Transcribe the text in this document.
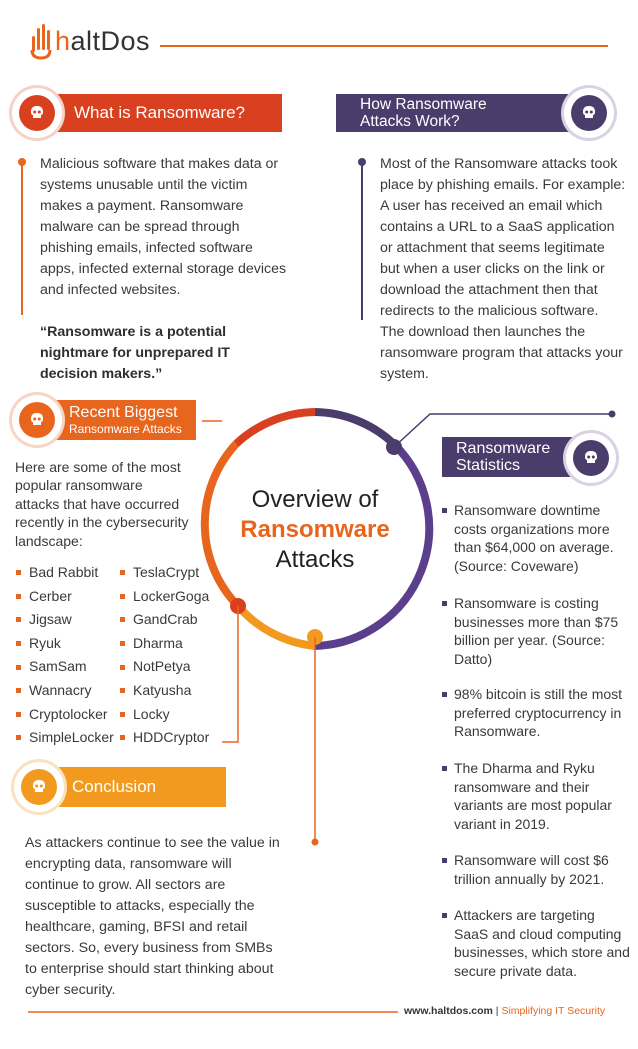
haltDos
What is Ransomware?
Malicious software that makes data or systems unusable until the victim makes a payment. Ransomware malware can be spread through phishing emails, infected software apps, infected external storage devices and infected websites.
“Ransomware is a potential nightmare for unprepared IT decision makers.”
How Ransomware
Attacks Work?
Most of the Ransomware attacks took place by phishing emails. For example: A user has received an email which contains a URL to a SaaS application or attachment that seems legitimate but when a user clicks on the link or download the attachment then that redirects to the malicious software. The download then launches the ransomware program that attacks your system.
Recent Biggest
Ransomware Attacks
Here are some of the most popular ransomware attacks that have occurred recently in the cybersecurity landscape:
Bad Rabbit
Cerber
Jigsaw
Ryuk
SamSam
Wannacry
Cryptolocker
SimpleLocker
TeslaCrypt
LockerGoga
GandCrab
Dharma
NotPetya
Katyusha
Locky
HDDCryptor
Overview of
Ransomware
Attacks
Ransomware
Statistics
Ransomware downtime costs organizations more than $64,000 on average. (Source: Coveware)
Ransomware is costing businesses more than $75 billion per year. (Source: Datto)
98% bitcoin is still the most preferred cryptocurrency in Ransomware.
The Dharma and Ryku ransomware and their variants are most popular variant in 2019.
Ransomware will cost $6 trillion annually by 2021.
Attackers are targeting SaaS and cloud computing businesses, which store and secure private data.
Conclusion
As attackers continue to see the value in encrypting data, ransomware will continue to grow. All sectors are susceptible to attacks, especially the healthcare, gaming, BFSI and retail sectors. So, every business from SMBs to enterprise should start thinking about cyber security.
www.haltdos.com | Simplifying IT Security
